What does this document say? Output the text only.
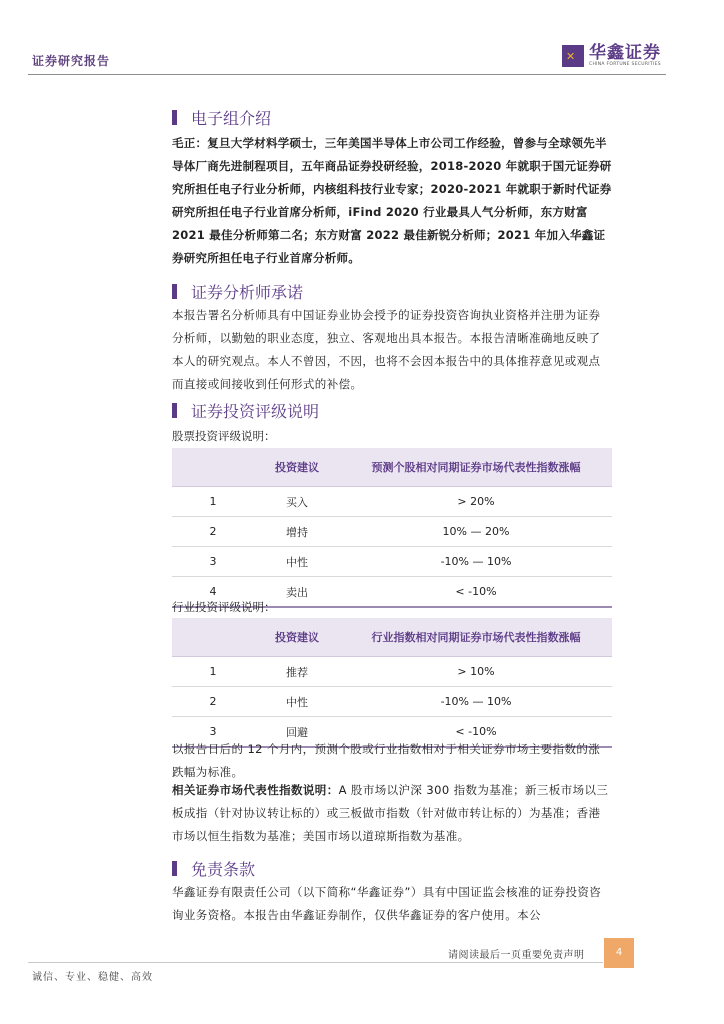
证券研究报告	✕ 华鑫证券
CHINA FORTUNE SECURITIES
电子组介绍
毛正：复旦大学材料学硕士，三年美国半导体上市公司工作经验，曾参与全球领先半导体厂商先进制程项目，五年商品证券投研经验，2018-2020 年就职于国元证券研究所担任电子行业分析师，内核组科技行业专家；2020-2021 年就职于新时代证券研究所担任电子行业首席分析师，iFind 2020 行业最具人气分析师，东方财富 2021 最佳分析师第二名；东方财富 2022 最佳新锐分析师；2021 年加入华鑫证券研究所担任电子行业首席分析师。
证券分析师承诺
本报告署名分析师具有中国证券业协会授予的证券投资咨询执业资格并注册为证券分析师，以勤勉的职业态度，独立、客观地出具本报告。本报告清晰准确地反映了本人的研究观点。本人不曾因，不因，也将不会因本报告中的具体推荐意见或观点而直接或间接收到任何形式的补偿。
证券投资评级说明
股票投资评级说明：
	投资建议	预测个股相对同期证券市场代表性指数涨幅
1	买入	> 20%
2	增持	10% — 20%
3	中性	-10% — 10%
4	卖出	< -10%
行业投资评级说明：
	投资建议	行业指数相对同期证券市场代表性指数涨幅
1	推荐	> 10%
2	中性	-10% — 10%
3	回避	< -10%
以报告日后的 12 个月内，预测个股或行业指数相对于相关证券市场主要指数的涨跌幅为标准。
相关证券市场代表性指数说明：A 股市场以沪深 300 指数为基准；新三板市场以三板成指（针对协议转让标的）或三板做市指数（针对做市转让标的）为基准；香港市场以恒生指数为基准；美国市场以道琼斯指数为基准。
免责条款
华鑫证券有限责任公司（以下简称“华鑫证券”）具有中国证监会核准的证券投资咨询业务资格。本报告由华鑫证券制作，仅供华鑫证券的客户使用。本公
请阅读最后一页重要免责声明	4
诚信、专业、稳健、高效
